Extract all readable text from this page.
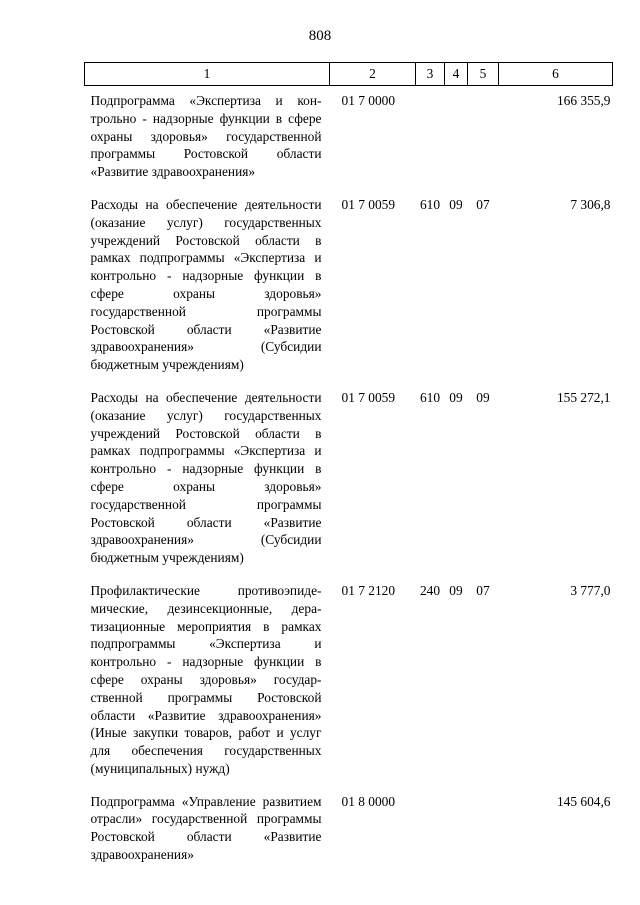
808
1	2	3	4	5	6
Подпрограмма «Экспертиза и контрольно - надзорные функции в сфере охраны здоровья» государственной программы Ростовской области «Развитие здравоохранения»	01 7 0000				166 355,9
Расходы на обеспечение деятельности (оказание услуг) государственных учреждений Ростовской области в рамках подпрограммы «Экспертиза и контрольно - надзорные функции в сфере охраны здоровья» государственной программы Ростовской области «Развитие здравоохранения» (Субсидии бюджетным учреждениям)	01 7 0059	610	09	07	7 306,8
Расходы на обеспечение деятельности (оказание услуг) государственных учреждений Ростовской области в рамках подпрограммы «Экспертиза и контрольно - надзорные функции в сфере охраны здоровья» государственной программы Ростовской области «Развитие здравоохранения» (Субсидии бюджетным учреждениям)	01 7 0059	610	09	09	155 272,1
Профилактические противоэпидемические, дезинсекционные, дератизационные мероприятия в рамках подпрограммы «Экспертиза и контрольно - надзорные функции в сфере охраны здоровья» государственной программы Ростовской области «Развитие здравоохранения» (Иные закупки товаров, работ и услуг для обеспечения государственных (муниципальных) нужд)	01 7 2120	240	09	07	3 777,0
Подпрограмма «Управление развитием отрасли» государственной программы Ростовской области «Развитие здравоохранения»	01 8 0000				145 604,6
